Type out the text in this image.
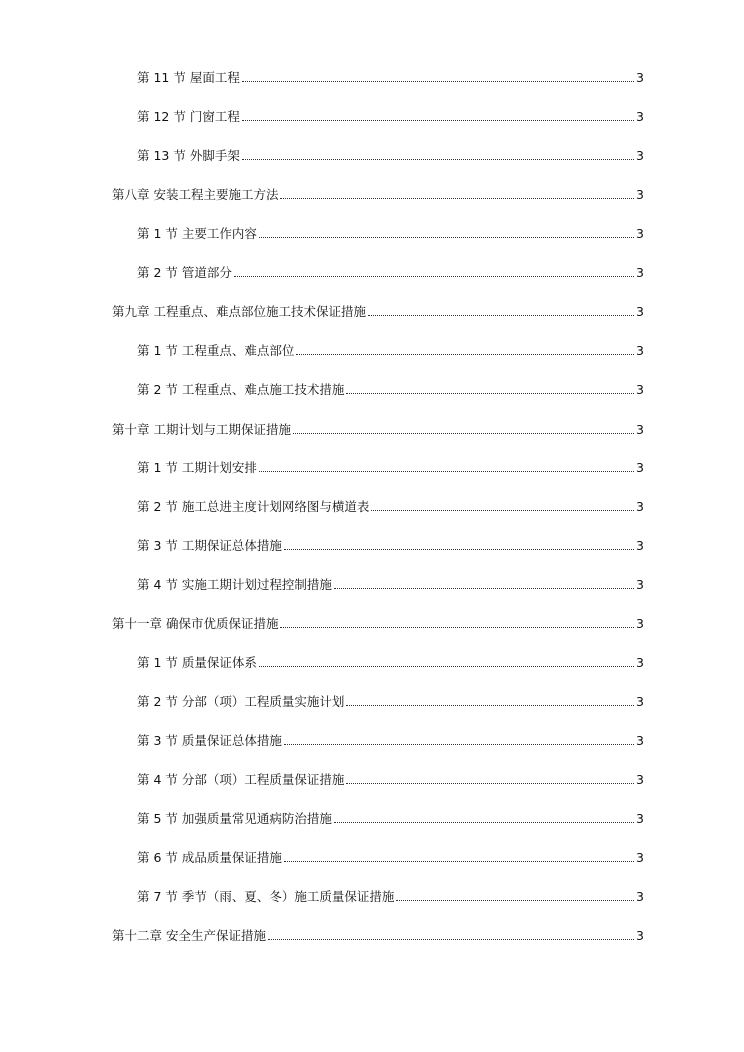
第 11 节 屋面工程	3
第 12 节 门窗工程	3
第 13 节 外脚手架	3
第八章 安装工程主要施工方法	3
第 1 节 主要工作内容	3
第 2 节 管道部分	3
第九章 工程重点、难点部位施工技术保证措施	3
第 1 节 工程重点、难点部位	3
第 2 节 工程重点、难点施工技术措施	3
第十章 工期计划与工期保证措施	3
第 1 节 工期计划安排	3
第 2 节 施工总进主度计划网络图与横道表	3
第 3 节 工期保证总体措施	3
第 4 节 实施工期计划过程控制措施	3
第十一章 确保市优质保证措施	3
第 1 节 质量保证体系	3
第 2 节 分部（项）工程质量实施计划	3
第 3 节 质量保证总体措施	3
第 4 节 分部（项）工程质量保证措施	3
第 5 节 加强质量常见通病防治措施	3
第 6 节 成品质量保证措施	3
第 7 节 季节（雨、夏、冬）施工质量保证措施	3
第十二章 安全生产保证措施	3
